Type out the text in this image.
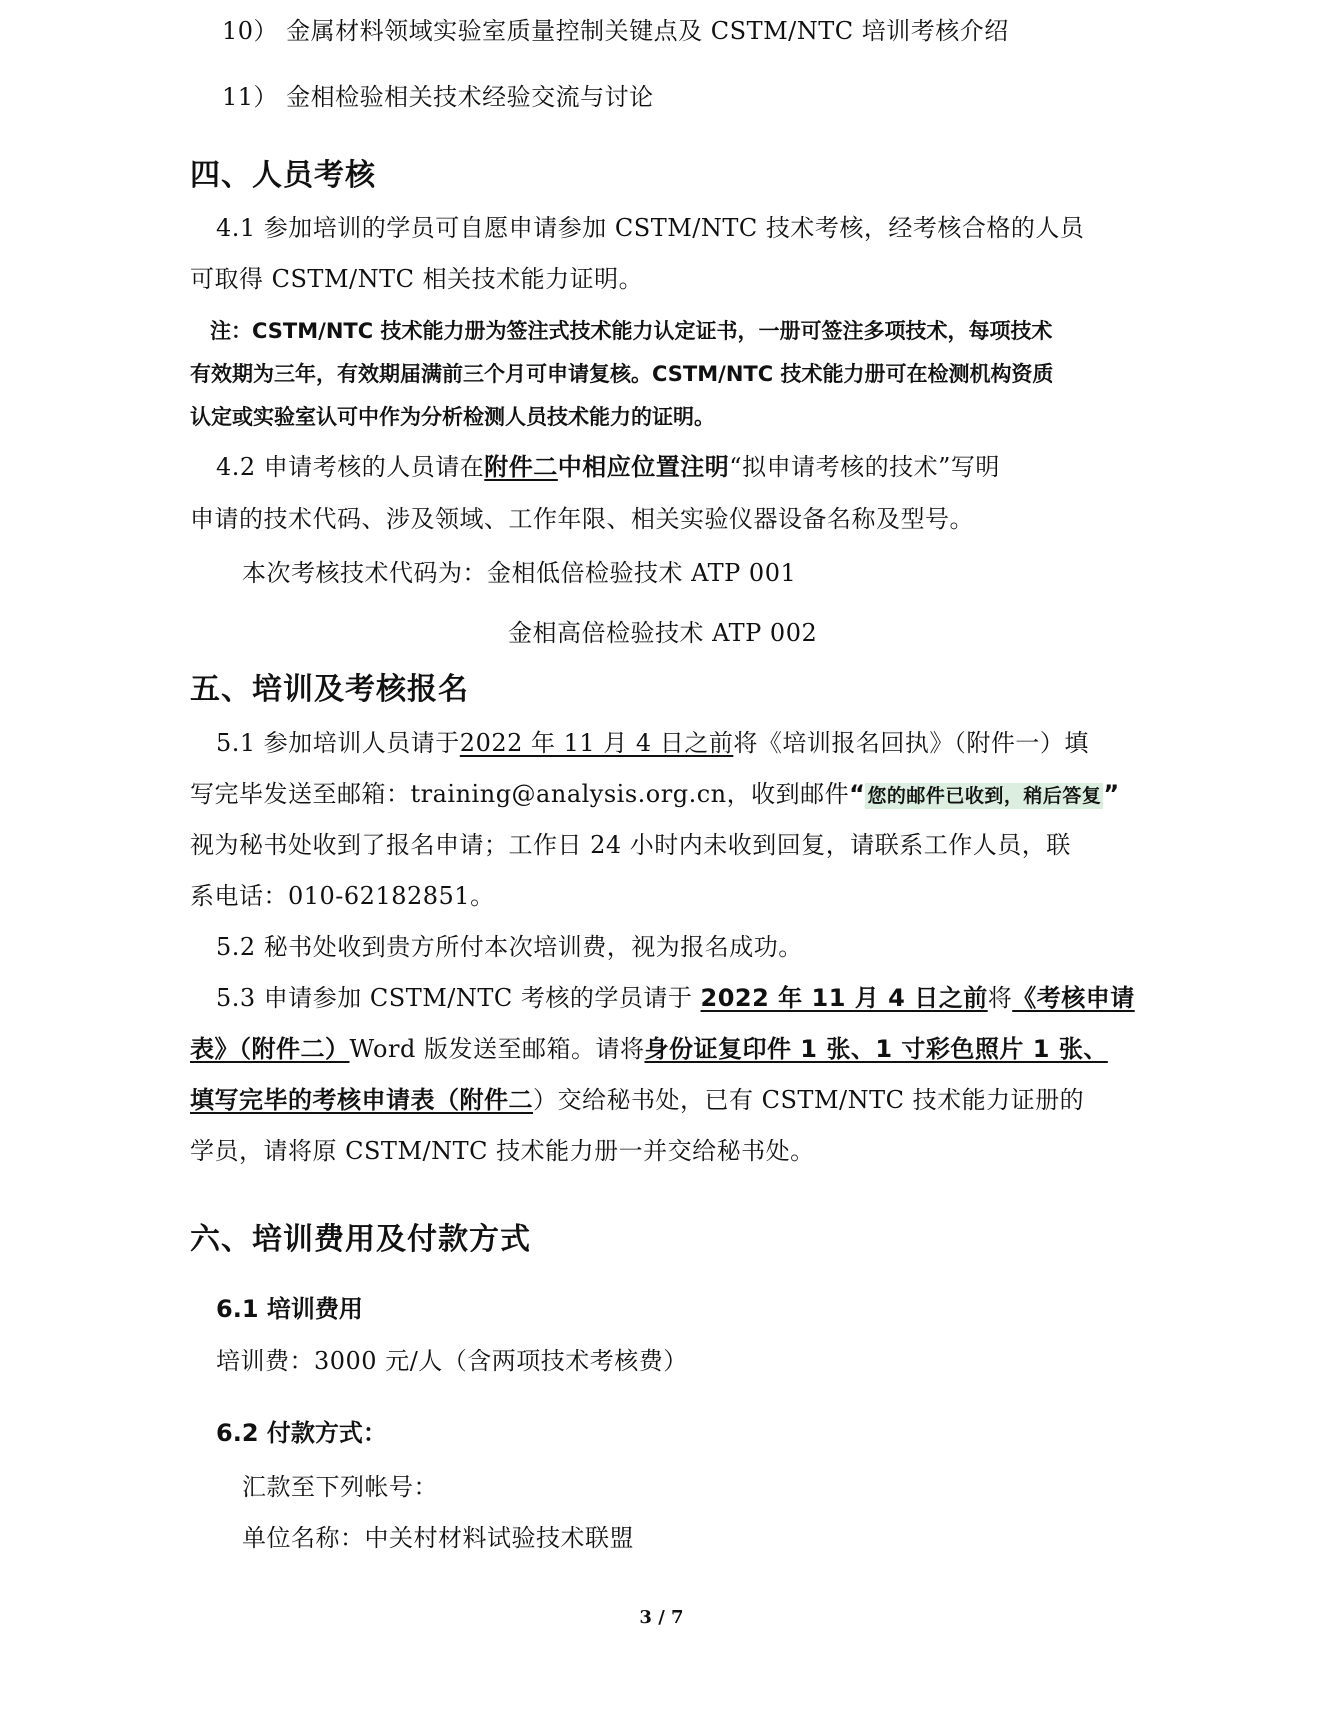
10） 金属材料领域实验室质量控制关键点及 CSTM/NTC 培训考核介绍
11） 金相检验相关技术经验交流与讨论
四、人员考核
4.1 参加培训的学员可自愿申请参加 CSTM/NTC 技术考核，经考核合格的人员
可取得 CSTM/NTC 相关技术能力证明。
注：CSTM/NTC 技术能力册为签注式技术能力认定证书，一册可签注多项技术，每项技术
有效期为三年，有效期届满前三个月可申请复核。CSTM/NTC 技术能力册可在检测机构资质
认定或实验室认可中作为分析检测人员技术能力的证明。
4.2 申请考核的人员请在附件二中相应位置注明“拟申请考核的技术”写明
申请的技术代码、涉及领域、工作年限、相关实验仪器设备名称及型号。
本次考核技术代码为：金相低倍检验技术 ATP 001
金相高倍检验技术 ATP 002
五、培训及考核报名
5.1 参加培训人员请于2022 年 11 月 4 日之前将《培训报名回执》（附件一）填
写完毕发送至邮箱：training@analysis.org.cn，收到邮件“ 您的邮件已收到，稍后答复”
视为秘书处收到了报名申请；工作日 24 小时内未收到回复，请联系工作人员，联
系电话：010-62182851。
5.2 秘书处收到贵方所付本次培训费，视为报名成功。
5.3 申请参加 CSTM/NTC 考核的学员请于 2022 年 11 月 4 日之前将《考核申请
表》（附件二）Word 版发送至邮箱。请将身份证复印件 1 张、1 寸彩色照片 1 张、
填写完毕的考核申请表（附件二）交给秘书处，已有 CSTM/NTC 技术能力证册的
学员，请将原 CSTM/NTC 技术能力册一并交给秘书处。
六、培训费用及付款方式
6.1 培训费用
培训费：3000 元/人（含两项技术考核费）
6.2 付款方式：
汇款至下列帐号：
单位名称：中关村材料试验技术联盟
3 / 7
